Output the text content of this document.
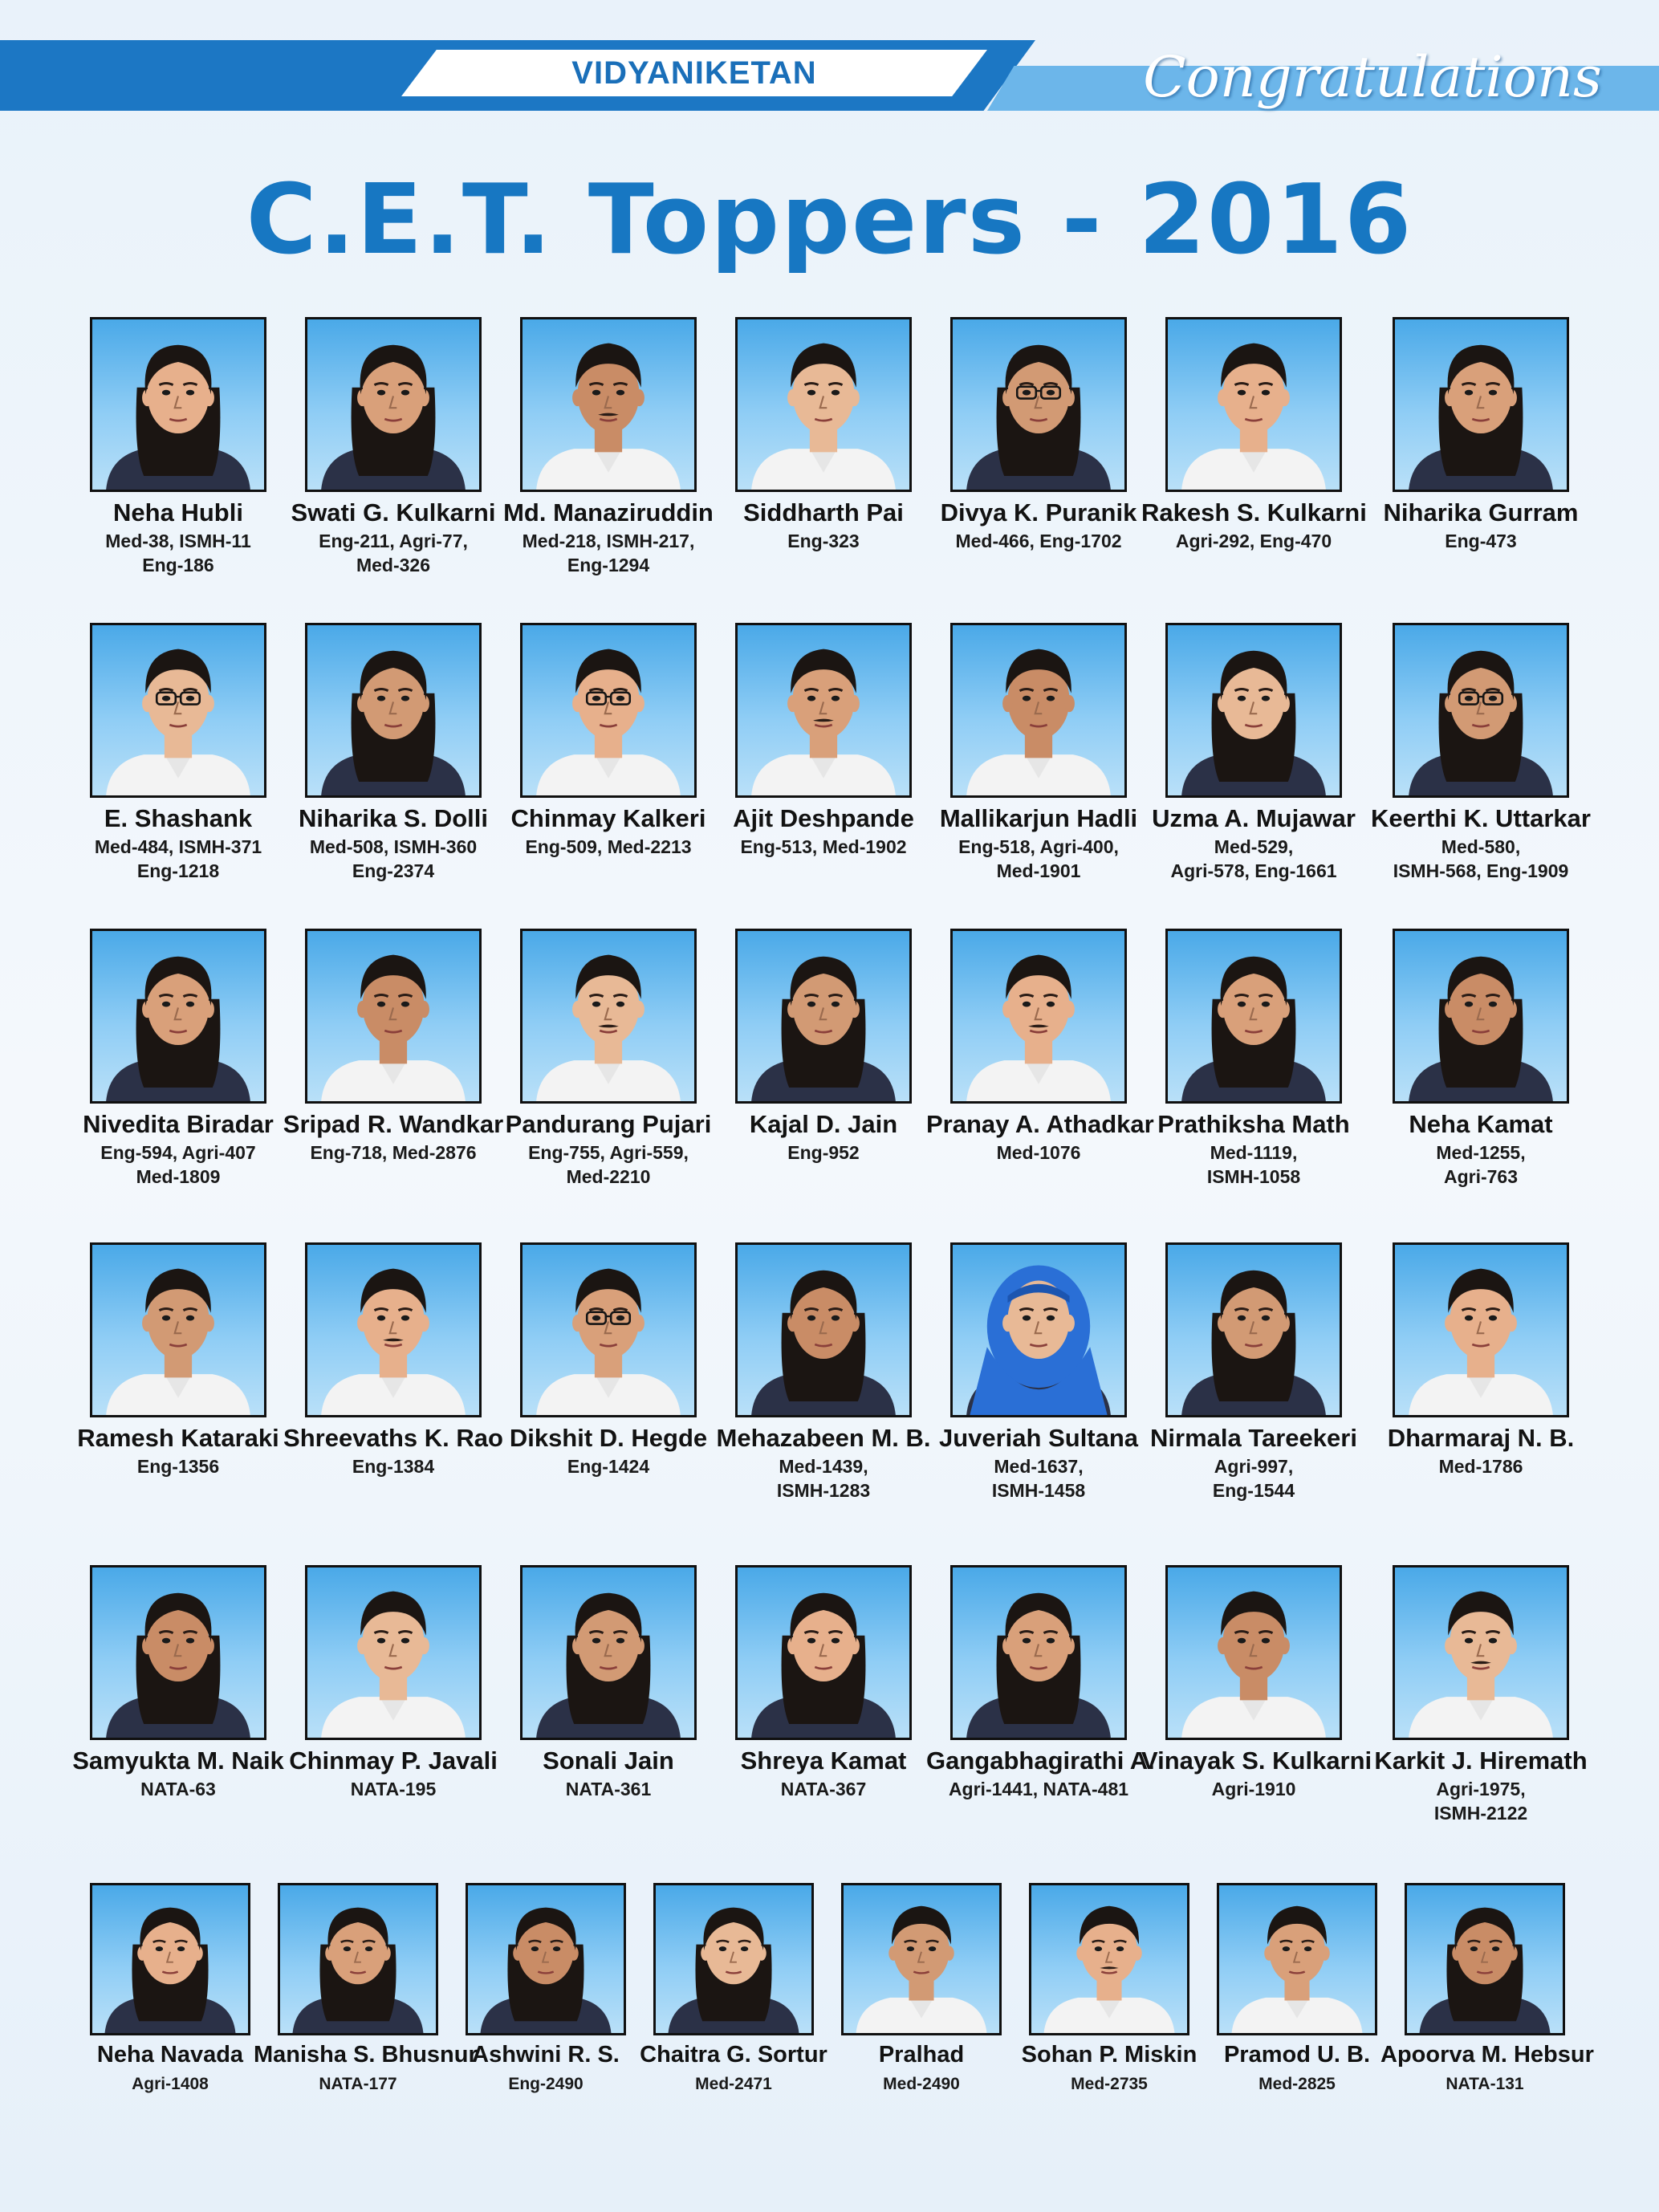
VIDYANIKETAN	Congratulations
C.E.T. Toppers - 2016
Neha Hubli
Med-38, ISMH-11
Eng-186
Swati G. Kulkarni
Eng-211, Agri-77,
Med-326
Md. Manaziruddin
Med-218, ISMH-217,
Eng-1294
Siddharth Pai
Eng-323
Divya K. Puranik
Med-466, Eng-1702
Rakesh S. Kulkarni
Agri-292, Eng-470
Niharika Gurram
Eng-473
E. Shashank
Med-484, ISMH-371
Eng-1218
Niharika S. Dolli
Med-508, ISMH-360
Eng-2374
Chinmay Kalkeri
Eng-509, Med-2213
Ajit Deshpande
Eng-513, Med-1902
Mallikarjun Hadli
Eng-518, Agri-400,
Med-1901
Uzma A. Mujawar
Med-529,
Agri-578, Eng-1661
Keerthi K. Uttarkar
Med-580,
ISMH-568, Eng-1909
Nivedita Biradar
Eng-594, Agri-407
Med-1809
Sripad R. Wandkar
Eng-718, Med-2876
Pandurang Pujari
Eng-755, Agri-559,
Med-2210
Kajal D. Jain
Eng-952
Pranay A. Athadkar
Med-1076
Prathiksha Math
Med-1119,
ISMH-1058
Neha Kamat
Med-1255,
Agri-763
Ramesh Kataraki
Eng-1356
Shreevaths K. Rao
Eng-1384
Dikshit D. Hegde
Eng-1424
Mehazabeen M. B.
Med-1439,
ISMH-1283
Juveriah Sultana
Med-1637,
ISMH-1458
Nirmala Tareekeri
Agri-997,
Eng-1544
Dharmaraj N. B.
Med-1786
Samyukta M. Naik
NATA-63
Chinmay P. Javali
NATA-195
Sonali Jain
NATA-361
Shreya Kamat
NATA-367
Gangabhagirathi A.
Agri-1441, NATA-481
Vinayak S. Kulkarni
Agri-1910
Karkit J. Hiremath
Agri-1975,
ISMH-2122
Neha Navada
Agri-1408
Manisha S. Bhusnur
NATA-177
Ashwini R. S.
Eng-2490
Chaitra G. Sortur
Med-2471
Pralhad
Med-2490
Sohan P. Miskin
Med-2735
Pramod U. B.
Med-2825
Apoorva M. Hebsur
NATA-131
